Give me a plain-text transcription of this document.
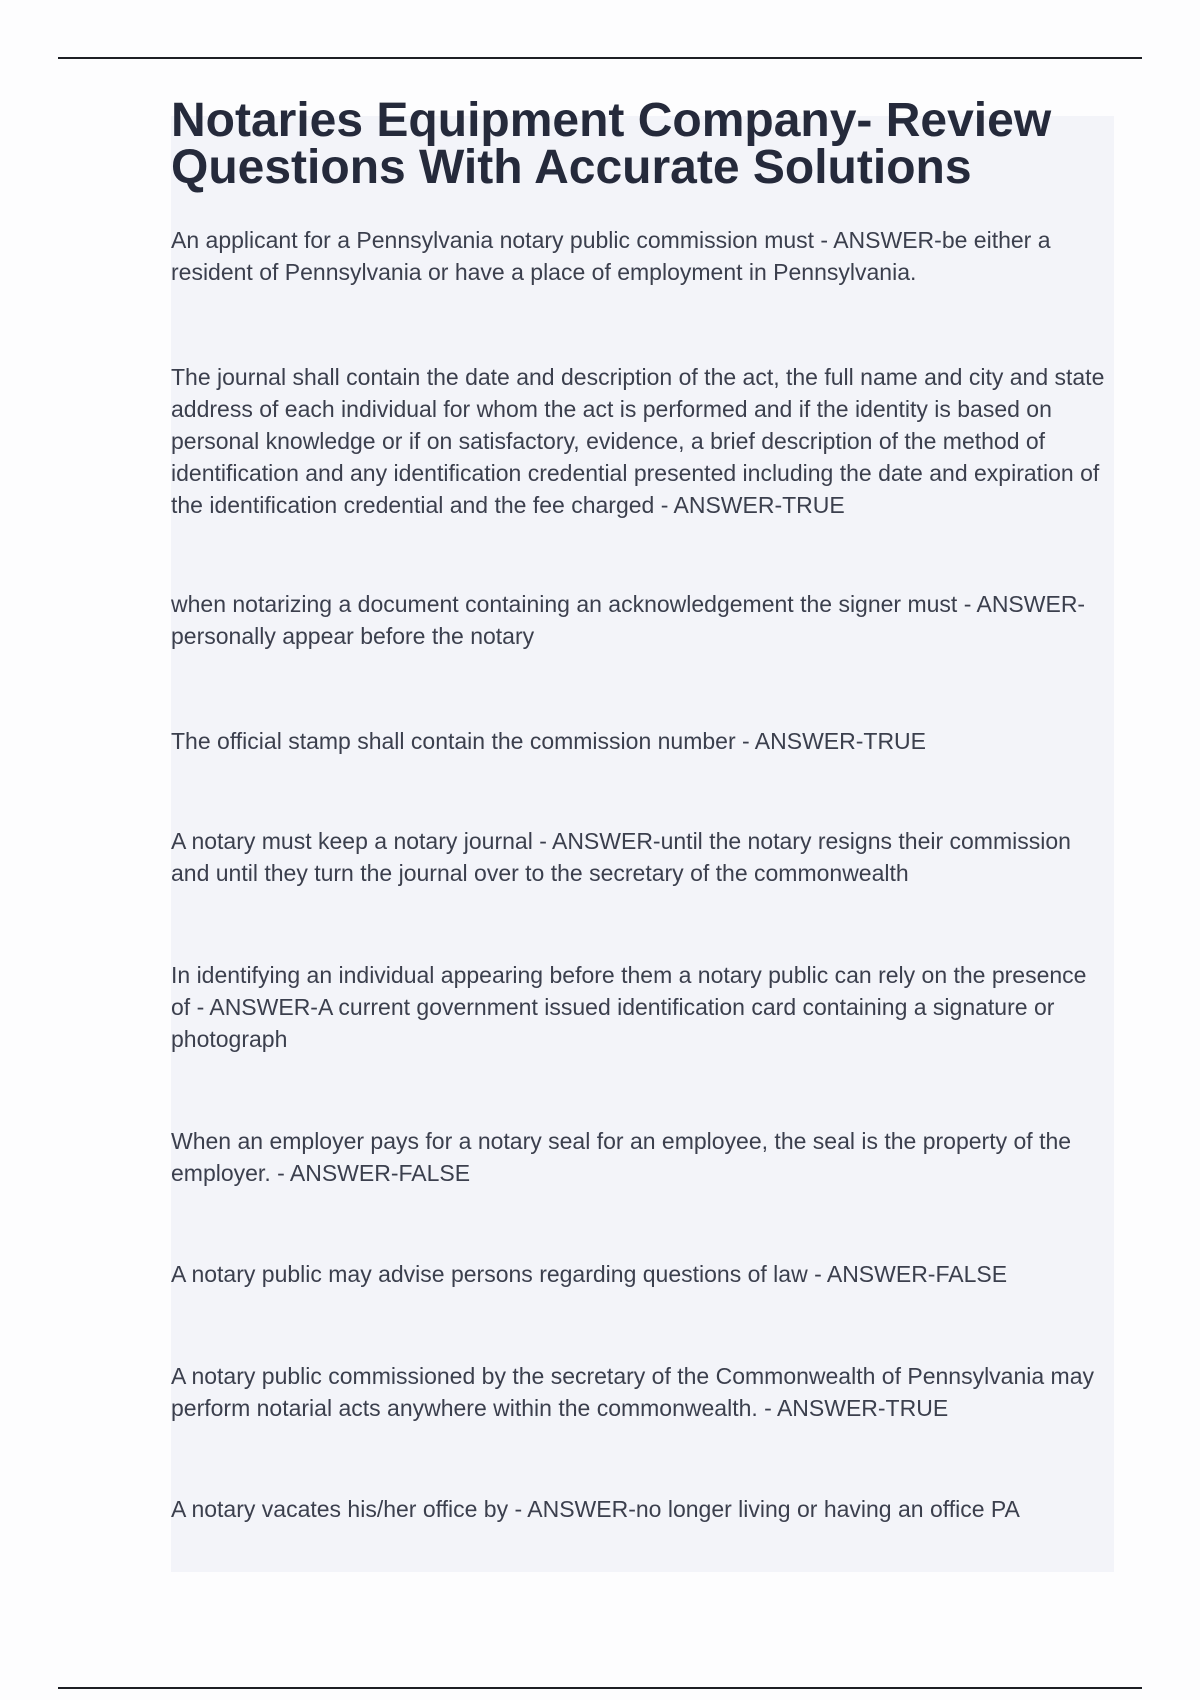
Notaries Equipment Company- Review
Questions With Accurate Solutions
An applicant for a Pennsylvania notary public commission must - ANSWER-be either a resident of Pennsylvania or have a place of employment in Pennsylvania.
The journal shall contain the date and description of the act, the full name and city and state address of each individual for whom the act is performed and if the identity is based on personal knowledge or if on satisfactory, evidence, a brief description of the method of identification and any identification credential presented including the date and expiration of the identification credential and the fee charged - ANSWER-TRUE
when notarizing a document containing an acknowledgement the signer must - ANSWER-personally appear before the notary
The official stamp shall contain the commission number - ANSWER-TRUE
A notary must keep a notary journal - ANSWER-until the notary resigns their commission and until they turn the journal over to the secretary of the commonwealth
In identifying an individual appearing before them a notary public can rely on the presence of - ANSWER-A current government issued identification card containing a signature or photograph
When an employer pays for a notary seal for an employee, the seal is the property of the employer. - ANSWER-FALSE
A notary public may advise persons regarding questions of law - ANSWER-FALSE
A notary public commissioned by the secretary of the Commonwealth of Pennsylvania may perform notarial acts anywhere within the commonwealth. - ANSWER-TRUE
A notary vacates his/her office by - ANSWER-no longer living or having an office PA
